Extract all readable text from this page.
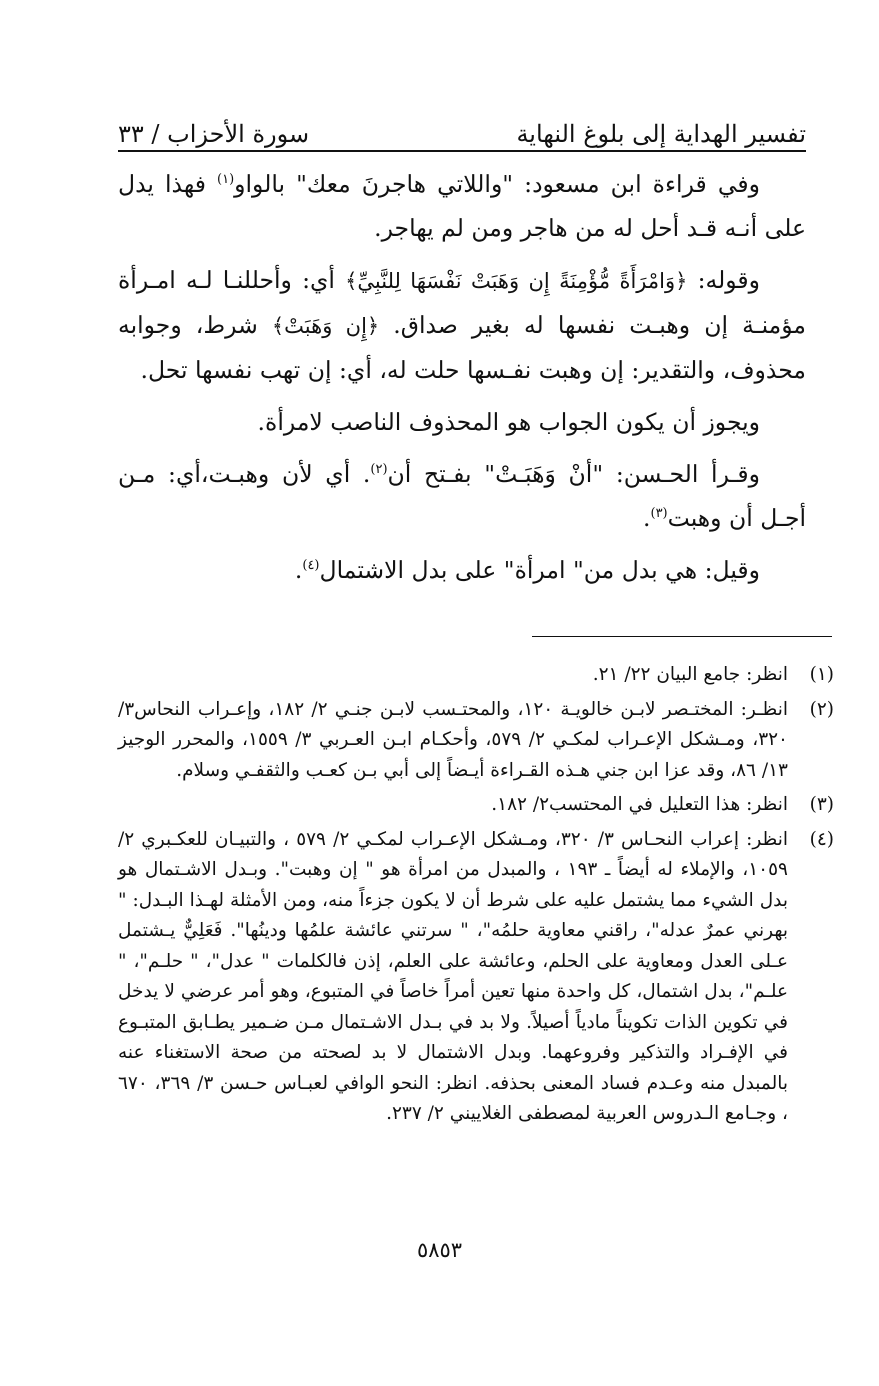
تفسير الهداية إلى بلوغ النهاية
سورة الأحزاب / ٣٣

وفي قراءة ابن مسعود: "واللاتي هاجرنَ معك" بالواو$^{(١)}$ فهذا يدل على أنـه قـد أحل له من هاجر ومن لم يهاجر.

وقوله: ﴿وَامْرَأَةً مُّؤْمِنَةً إِن وَهَبَتْ نَفْسَهَا لِلنَّبِيِّ﴾ أي: وأحللنـا لـه امـرأة مؤمنـة إن وهبـت نفسها له بغير صداق. ﴿إِن وَهَبَتْ﴾ شرط، وجوابه محذوف، والتقدير: إن وهبت نفـسها حلت له، أي: إن تهب نفسها تحل.

ويجوز أن يكون الجواب هو المحذوف الناصب لامرأة.

وقـرأ الحـسن: "أنْ وَهَبَـتْ" بفـتح أن$^{(٢)}$. أي لأن وهبـت،أي: مـن أجـل أن وهبت$^{(٣)}$.

وقيل: هي بدل من" امرأة" على بدل الاشتمال$^{(٤)}$.

(١)
انظر: جامع البيان ٢٢/ ٢١.
(٢)
انظـر: المختـصر لابـن خالويـة ١٢٠، والمحتـسب لابـن جنـي ٢/ ١٨٢، وإعـراب النحاس٣/ ٣٢٠، ومـشكل الإعـراب لمكـي ٢/ ٥٧٩، وأحكـام ابـن العـربي ٣/ ١٥٥٩، والمحرر الوجيز ١٣/ ٨٦، وقد عزا ابن جني هـذه القـراءة أيـضاً إلى أبي بـن كعـب والثقفـي وسلام.
(٣)
انظر: هذا التعليل في المحتسب٢/ ١٨٢.
(٤)
انظر: إعراب النحـاس ٣/ ٣٢٠، ومـشكل الإعـراب لمكـي ٢/ ٥٧٩ ، والتبيـان للعكـبري ٢/ ١٠٥٩، والإملاء له أيضاً ـ ١٩٣ ، والمبدل من امرأة هو " إن وهبت". وبـدل الاشـتمال هو بدل الشيء مما يشتمل عليه على شرط أن لا يكون جزءاً منه، ومن الأمثلة لهـذا البـدل: " بهرني عمرٌ عدله"، راقني معاوية حلمُه"، " سرتني عائشة علمُها ودينُها". فَعَلِيٌّ يـشتمل عـلى العدل ومعاوية على الحلم، وعائشة على العلم، إذن فالكلمات " عدل"، " حلـم"، " علـم"، بدل اشتمال، كل واحدة منها تعين أمراً خاصاً في المتبوع، وهو أمر عرضي لا يدخل في تكوين الذات تكويناً مادياً أصيلاً. ولا بد في بـدل الاشـتمال مـن ضـمير يطـابق المتبـوع في الإفـراد والتذكير وفروعهما. وبدل الاشتمال لا بد لصحته من صحة الاستغناء عنه بالمبدل منه وعـدم فساد المعنى بحذفه. انظر: النحو الوافي لعبـاس حـسن ٣/ ٣٦٩، ٦٧٠ ، وجـامع الـدروس العربية لمصطفى الغلاييني ٢/ ٢٣٧.
٥٨٥٣
